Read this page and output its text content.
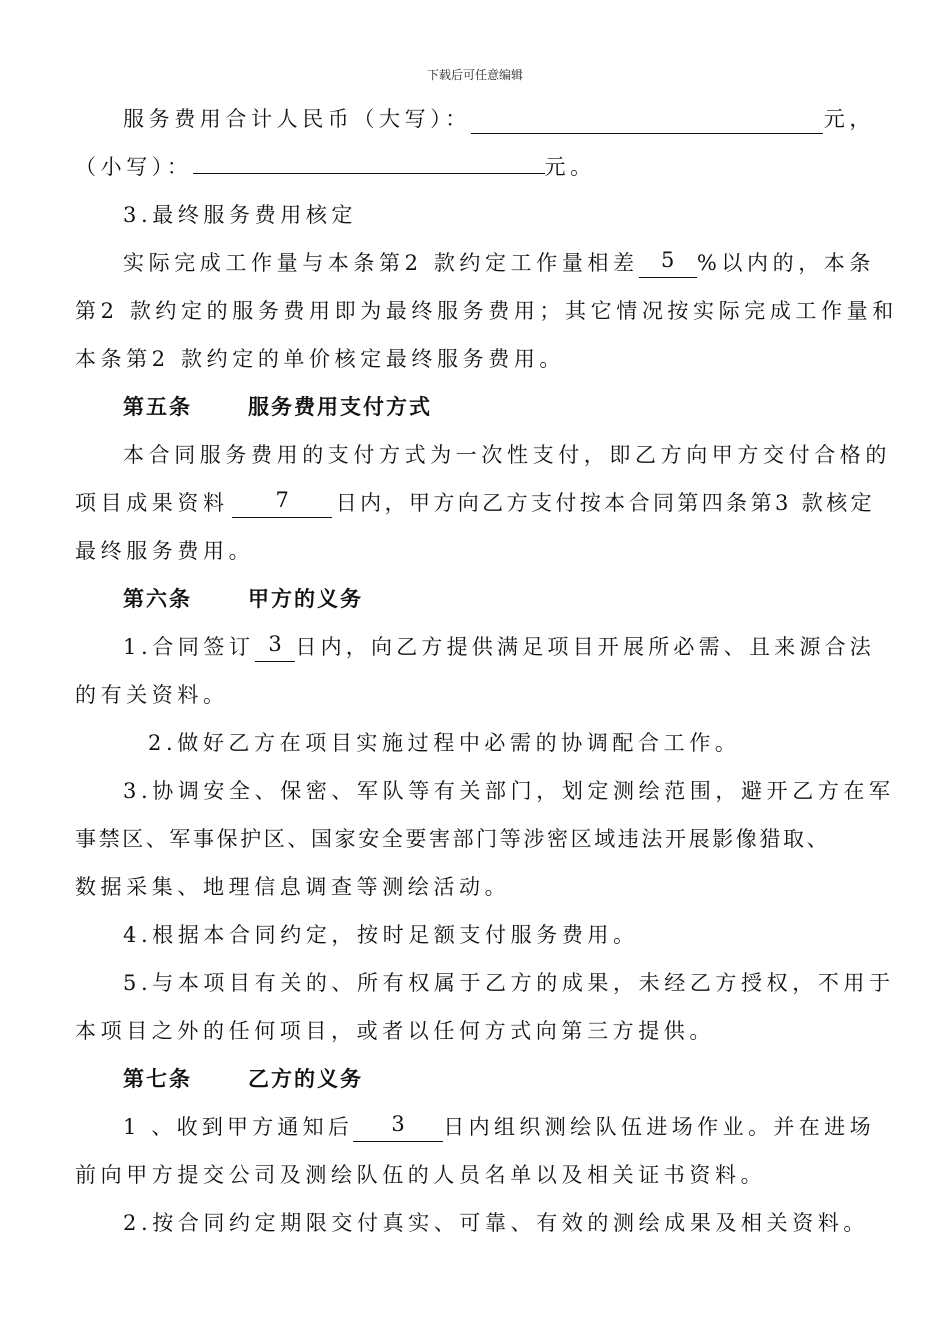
下载后可任意编辑
服务费用合计人民币（大写）：	元，
（小写）：	元。
3.最终服务费用核定
实际完成工作量与本条第2 款约定工作量相差	5	%以内的，本条
第2 款约定的服务费用即为最终服务费用；其它情况按实际完成工作量和
本条第2 款约定的单价核定最终服务费用。
第五条	服务费用支付方式
本合同服务费用的支付方式为一次性支付，即乙方向甲方交付合格的
项目成果资料	7	日内，甲方向乙方支付按本合同第四条第3 款核定
最终服务费用。
第六条	甲方的义务
1.合同签订 3 日内，向乙方提供满足项目开展所必需、且来源合法
的有关资料。
2.做好乙方在项目实施过程中必需的协调配合工作。
3.协调安全、保密、军队等有关部门，划定测绘范围，避开乙方在军
事禁区、军事保护区、国家安全要害部门等涉密区域违法开展影像猎取、
数据采集、地理信息调查等测绘活动。
4.根据本合同约定，按时足额支付服务费用。
5.与本项目有关的、所有权属于乙方的成果，未经乙方授权，不用于
本项目之外的任何项目，或者以任何方式向第三方提供。
第七条	乙方的义务
1 、收到甲方通知后	3	日内组织测绘队伍进场作业。并在进场
前向甲方提交公司及测绘队伍的人员名单以及相关证书资料。
2.按合同约定期限交付真实、可靠、有效的测绘成果及相关资料。
